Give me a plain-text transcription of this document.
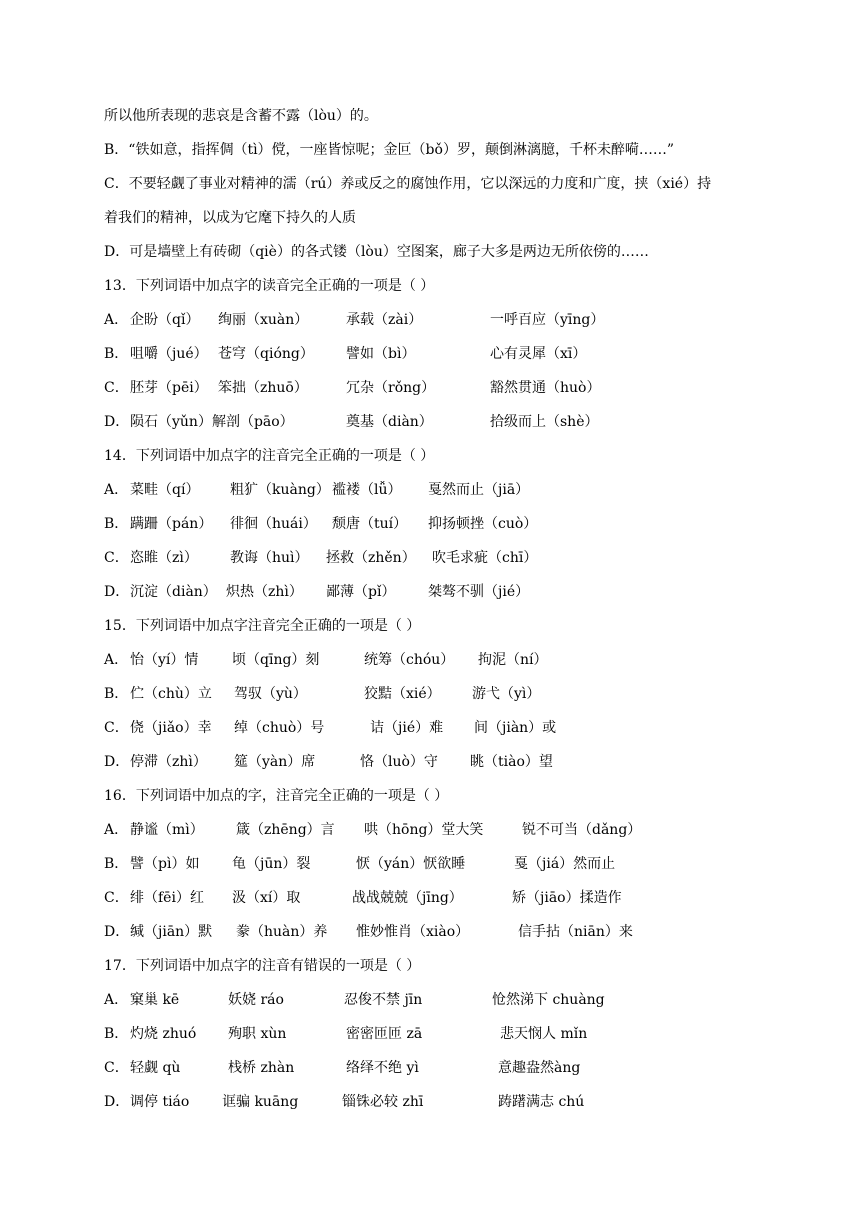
所以他所表现的悲哀是含蓄不露（lòu）的。
B．“铁如意，指挥倜（tì）傥，一座皆惊呢；金叵（bǒ）罗，颠倒淋漓臆，千杯未醉嗬……”
C．不要轻觑了事业对精神的濡（rú）养或反之的腐蚀作用，它以深远的力度和广度，挟（xié）持
着我们的精神，以成为它麾下持久的人质
D．可是墙壁上有砖砌（qiè）的各式镂（lòu）空图案，廊子大多是两边无所依傍的……
13．下列词语中加点字的读音完全正确的一项是（ ）
A． 企盼（qǐ） 绚丽（xuàn）	承载（zài）	一呼百应（yīng）
B． 咀嚼（jué） 苍穹（qióng） 譬如（bì）	心有灵犀（xī）
C． 胚芽（pēi） 笨拙（zhuō）	冗杂（rǒng）	豁然贯通（huò）
D． 陨石（yǔn）解剖（pāo）	奠基（diàn）	拾级而上（shè）
14．下列词语中加点字的注音完全正确的一项是（ ）
A． 菜畦（qí） 粗犷（kuàng） 褴褛（lǚ） 戛然而止（jiā）
B． 蹒跚（pán） 徘徊（huái） 颓唐（tuí） 抑扬顿挫（cuò）
C． 恣睢（zì） 教诲（huì） 拯救（zhěn） 吹毛求疵（chī）
D． 沉淀（diàn） 炽热（zhì） 鄙薄（pǐ） 桀骜不驯（jié）
15．下列词语中加点字注音完全正确的一项是（ ）
A． 怡（yí）情 顷（qīng）刻	统筹（chóu） 拘泥（ní）
B． 伫（chù）立 驾驭（yù）	狡黠（xié） 游弋（yì）
C． 侥（jiǎo）幸 绰（chuò）号	诘（jié）难 间（jiàn）或
D． 停滞（zhì） 筵（yàn）席	恪（luò）守 眺（tiào）望
16．下列词语中加点的字，注音完全正确的一项是（ ）
A． 静谧（mì） 箴（zhēng）言 哄（hōng）堂大笑	锐不可当（dǎng）
B． 譬（pì）如 龟（jūn）裂	恹（yán）恹欲睡	戛（jiá）然而止
C． 绯（fēi）红 汲（xí）取	战战兢兢（jīng）	矫（jiāo）揉造作
D． 缄（jiān）默 豢（huàn）养 惟妙惟肖（xiào）	信手拈（niān）来
17．下列词语中加点字的注音有错误的一项是（ ）
A． 窠巢 kē	妖娆 ráo	忍俊不禁 jīn	怆然涕下 chuàng
B． 灼烧 zhuó 殉职 xùn	密密匝匝 zā	悲天悯人 mǐn
C． 轻觑 qù	栈桥 zhàn	络绎不绝 yì	意趣盎然àng
D． 调停 tiáo 诓骗 kuāng	锱铢必较 zhī	踌躇满志 chú
